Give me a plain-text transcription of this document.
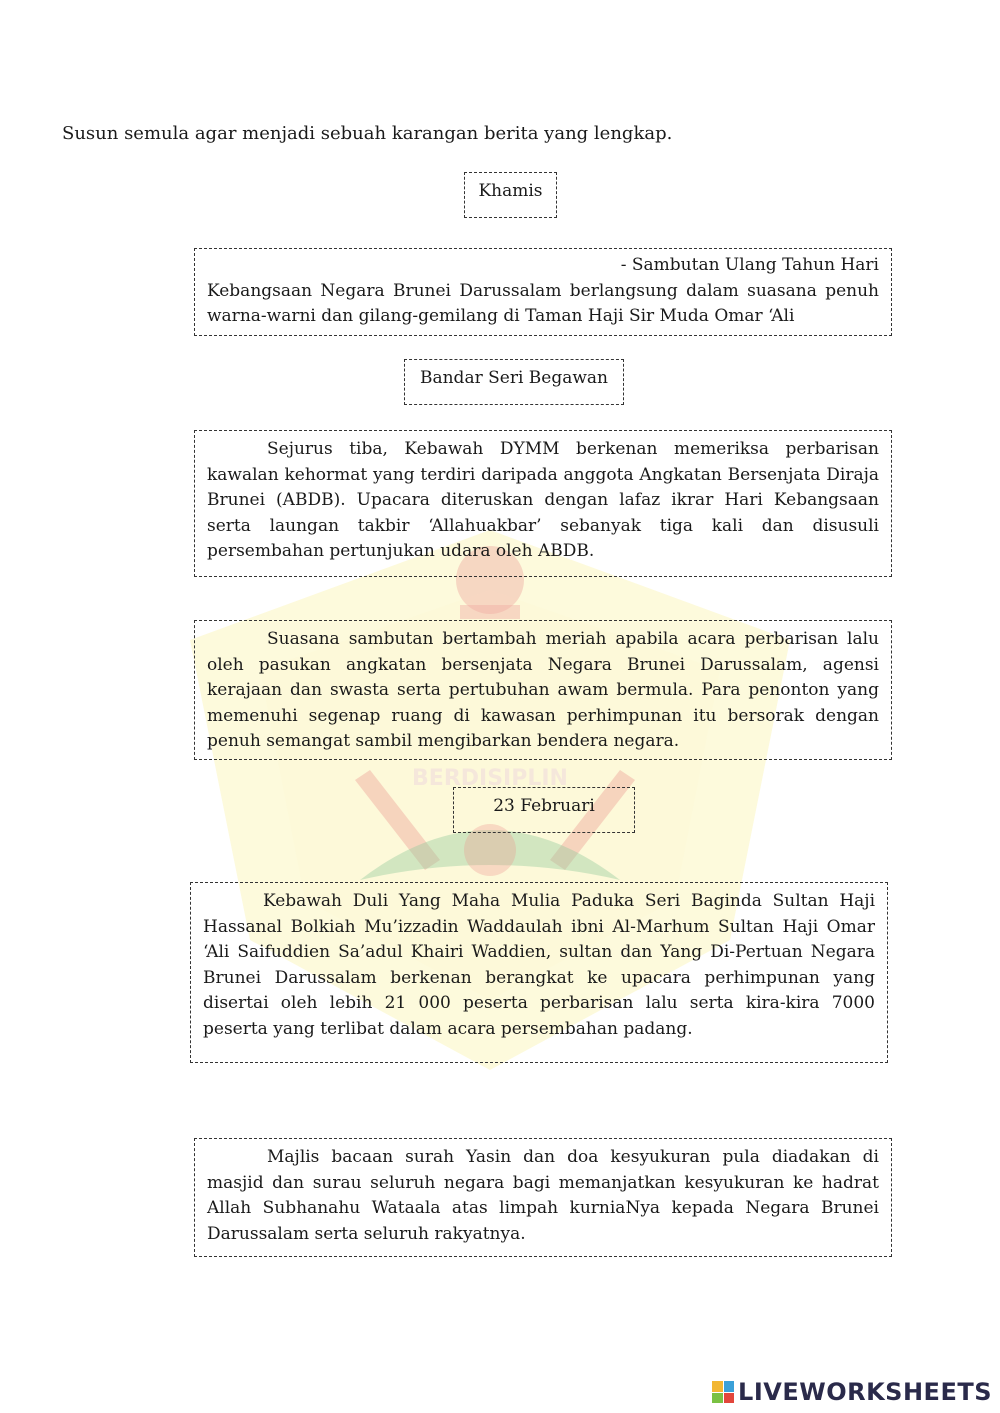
BERDISIPLIN
Susun semula agar menjadi sebuah karangan berita yang lengkap.
Khamis
- Sambutan Ulang Tahun Hari
Kebangsaan Negara Brunei Darussalam berlangsung dalam suasana penuh warna-warni dan gilang-gemilang di Taman Haji Sir Muda Omar ‘Ali
Bandar Seri Begawan
Sejurus tiba, Kebawah DYMM berkenan memeriksa perbarisan kawalan kehormat yang terdiri daripada anggota Angkatan Bersenjata Diraja Brunei (ABDB). Upacara diteruskan dengan lafaz ikrar Hari Kebangsaan serta laungan takbir ‘Allahuakbar’ sebanyak tiga kali dan disusuli persembahan pertunjukan udara oleh ABDB.
Suasana sambutan bertambah meriah apabila acara perbarisan lalu oleh pasukan angkatan bersenjata Negara Brunei Darussalam, agensi kerajaan dan swasta serta pertubuhan awam bermula. Para penonton yang memenuhi segenap ruang di kawasan perhimpunan itu bersorak dengan penuh semangat sambil mengibarkan bendera negara.
23 Februari
Kebawah Duli Yang Maha Mulia Paduka Seri Baginda Sultan Haji Hassanal Bolkiah Mu’izzadin Waddaulah ibni Al-Marhum Sultan Haji Omar ‘Ali Saifuddien Sa’adul Khairi Waddien, sultan dan Yang Di-Pertuan Negara Brunei Darussalam berkenan berangkat ke upacara perhimpunan yang disertai oleh lebih 21 000 peserta perbarisan lalu serta kira-kira 7000 peserta yang terlibat dalam acara persembahan padang.
Majlis bacaan surah Yasin dan doa kesyukuran pula diadakan di masjid dan surau seluruh negara bagi memanjatkan kesyukuran ke hadrat Allah Subhanahu Wataala atas limpah kurniaNya kepada Negara Brunei Darussalam serta seluruh rakyatnya.
LIVEWORKSHEETS
